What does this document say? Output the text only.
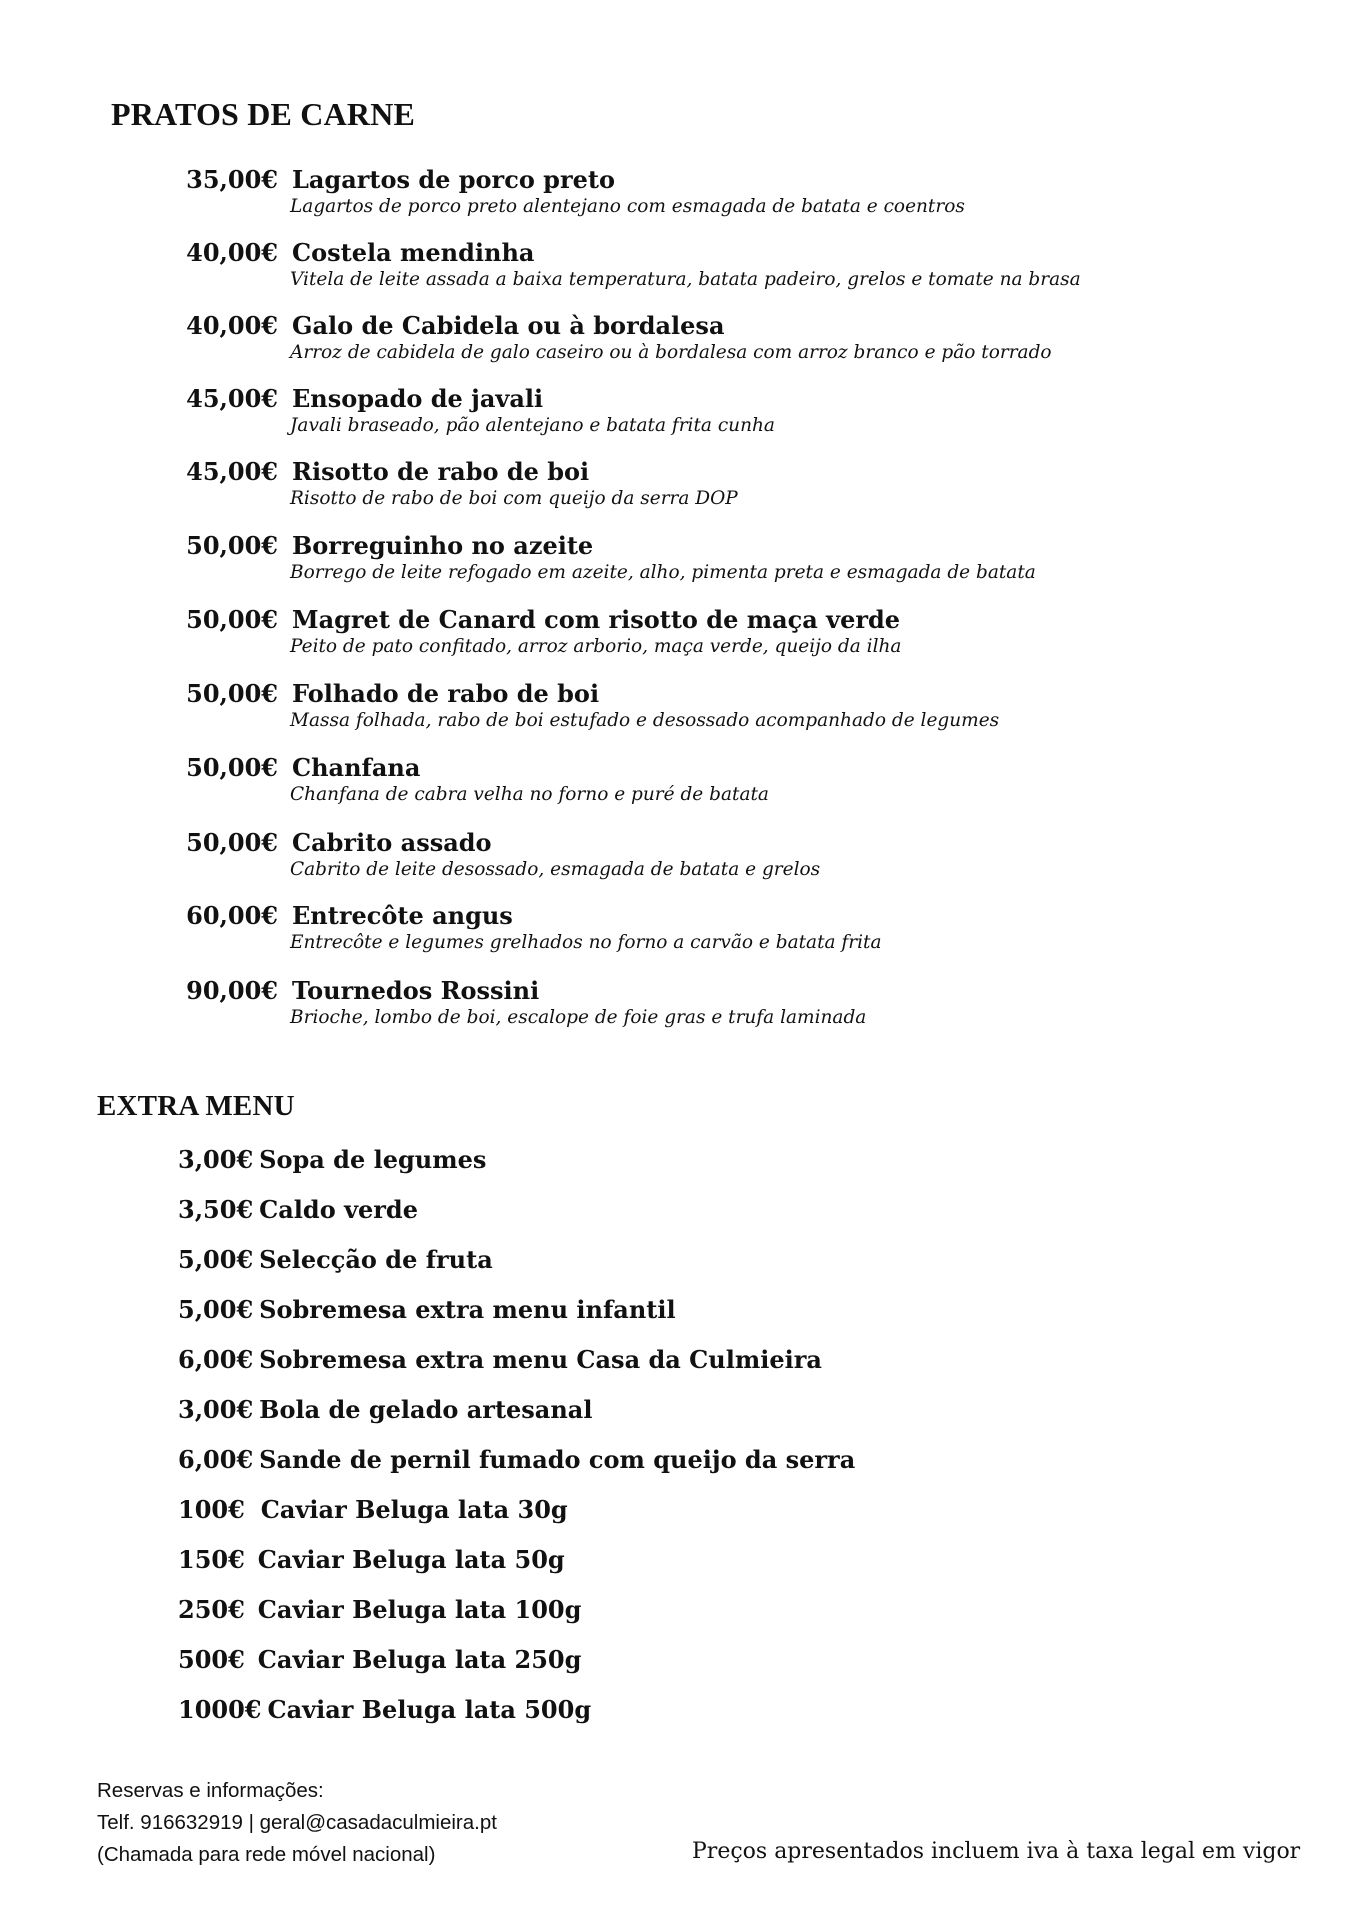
PRATOS DE CARNE
35,00€ Lagartos de porco preto
Lagartos de porco preto alentejano com esmagada de batata e coentros
40,00€ Costela mendinha
Vitela de leite assada a baixa temperatura, batata padeiro, grelos e tomate na brasa
40,00€ Galo de Cabidela ou à bordalesa
Arroz de cabidela de galo caseiro ou à bordalesa com arroz branco e pão torrado
45,00€ Ensopado de javali
Javali braseado, pão alentejano e batata frita cunha
45,00€ Risotto de rabo de boi
Risotto de rabo de boi com queijo da serra DOP
50,00€ Borreguinho no azeite
Borrego de leite refogado em azeite, alho, pimenta preta e esmagada de batata
50,00€ Magret de Canard com risotto de maça verde
Peito de pato confitado, arroz arborio, maça verde, queijo da ilha
50,00€ Folhado de rabo de boi
Massa folhada, rabo de boi estufado e desossado acompanhado de legumes
50,00€ Chanfana
Chanfana de cabra velha no forno e puré de batata
50,00€ Cabrito assado
Cabrito de leite desossado, esmagada de batata e grelos
60,00€ Entrecôte angus
Entrecôte e legumes grelhados no forno a carvão e batata frita
90,00€ Tournedos Rossini
Brioche, lombo de boi, escalope de foie gras e trufa laminada
EXTRA MENU
3,00€ Sopa de legumes
3,50€ Caldo verde
5,00€ Selecção de fruta
5,00€ Sobremesa extra menu infantil
6,00€ Sobremesa extra menu Casa da Culmieira
3,00€ Bola de gelado artesanal
6,00€ Sande de pernil fumado com queijo da serra
100€ Caviar Beluga lata 30g
150€ Caviar Beluga lata 50g
250€ Caviar Beluga lata 100g
500€ Caviar Beluga lata 250g
1000€ Caviar Beluga lata 500g
Reservas e informações:
Telf. 916632919 | geral@casadaculmieira.pt
(Chamada para rede móvel nacional)	Preços apresentados incluem iva à taxa legal em vigor
